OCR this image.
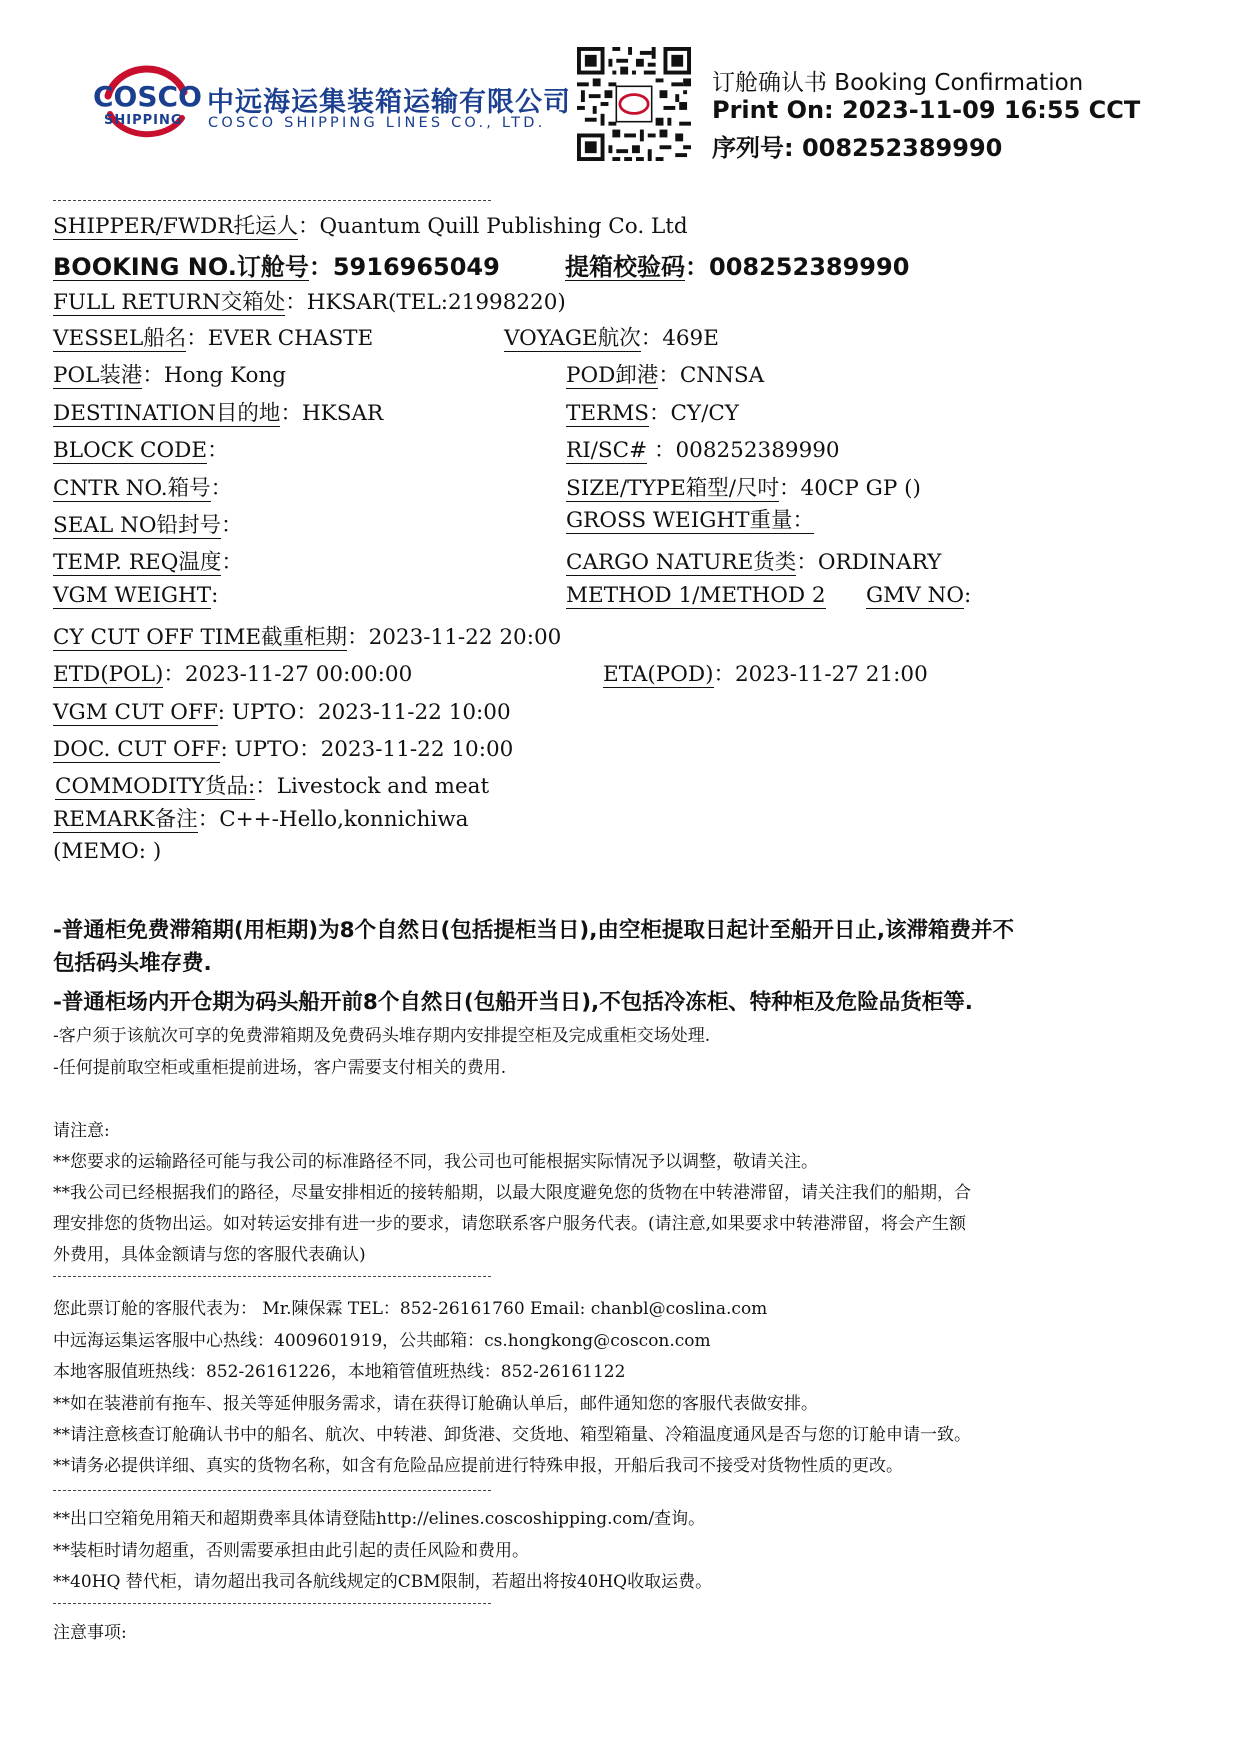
COSCO
SHIPPING
中远海运集装箱运输有限公司
COSCO SHIPPING LINES CO., LTD.
订舱确认书 Booking Confirmation
Print On: 2023-11-09 16:55 CCT
序列号: 008252389990
SHIPPER/FWDR托运人：Quantum Quill Publishing Co. Ltd
BOOKING NO.订舱号：5916965049	提箱校验码：008252389990
FULL RETURN交箱处：HKSAR(TEL:21998220)
VESSEL船名：EVER CHASTE	VOYAGE航次：469E
POL装港：Hong Kong	POD卸港：CNNSA
DESTINATION目的地：HKSAR	TERMS：CY/CY
BLOCK CODE：	RI/SC# ：008252389990
CNTR NO.箱号：	SIZE/TYPE箱型/尺吋：40CP GP ()
SEAL NO铅封号：	GROSS WEIGHT重量：
TEMP. REQ温度：	CARGO NATURE货类：ORDINARY
VGM WEIGHT:	METHOD 1/METHOD 2 GMV NO:
CY CUT OFF TIME截重柜期：2023-11-22 20:00
ETD(POL)：2023-11-27 00:00:00	ETA(POD)：2023-11-27 21:00
VGM CUT OFF: UPTO：2023-11-22 10:00
DOC. CUT OFF: UPTO：2023-11-22 10:00
COMMODITY货品:：Livestock and meat
REMARK备注：C++-Hello,konnichiwa
(MEMO: )
-普通柜免费滞箱期(用柜期)为8个自然日(包括提柜当日),由空柜提取日起计至船开日止,该滞箱费并不
包括码头堆存费.
-普通柜场内开仓期为码头船开前8个自然日(包船开当日),不包括冷冻柜、特种柜及危险品货柜等.
-客户须于该航次可享的免费滞箱期及免费码头堆存期内安排提空柜及完成重柜交场处理.
-任何提前取空柜或重柜提前进场，客户需要支付相关的费用.
请注意:
**您要求的运输路径可能与我公司的标准路径不同，我公司也可能根据实际情况予以调整，敬请关注。
**我公司已经根据我们的路径，尽量安排相近的接转船期，以最大限度避免您的货物在中转港滞留，请关注我们的船期，合
理安排您的货物出运。如对转运安排有进一步的要求，请您联系客户服务代表。(请注意,如果要求中转港滞留，将会产生额
外费用，具体金额请与您的客服代表确认)
您此票订舱的客服代表为： Mr.陳保霖 TEL：852-26161760 Email: chanbl@coslina.com
中远海运集运客服中心热线：4009601919，公共邮箱：cs.hongkong@coscon.com
本地客服值班热线：852-26161226，本地箱管值班热线：852-26161122
**如在装港前有拖车、报关等延伸服务需求，请在获得订舱确认单后，邮件通知您的客服代表做安排。
**请注意核查订舱确认书中的船名、航次、中转港、卸货港、交货地、箱型箱量、冷箱温度通风是否与您的订舱申请一致。
**请务必提供详细、真实的货物名称，如含有危险品应提前进行特殊申报，开船后我司不接受对货物性质的更改。
**出口空箱免用箱天和超期费率具体请登陆http://elines.coscoshipping.com/查询。
**装柜时请勿超重，否则需要承担由此引起的责任风险和费用。
**40HQ 替代柜，请勿超出我司各航线规定的CBM限制，若超出将按40HQ收取运费。
注意事项:
